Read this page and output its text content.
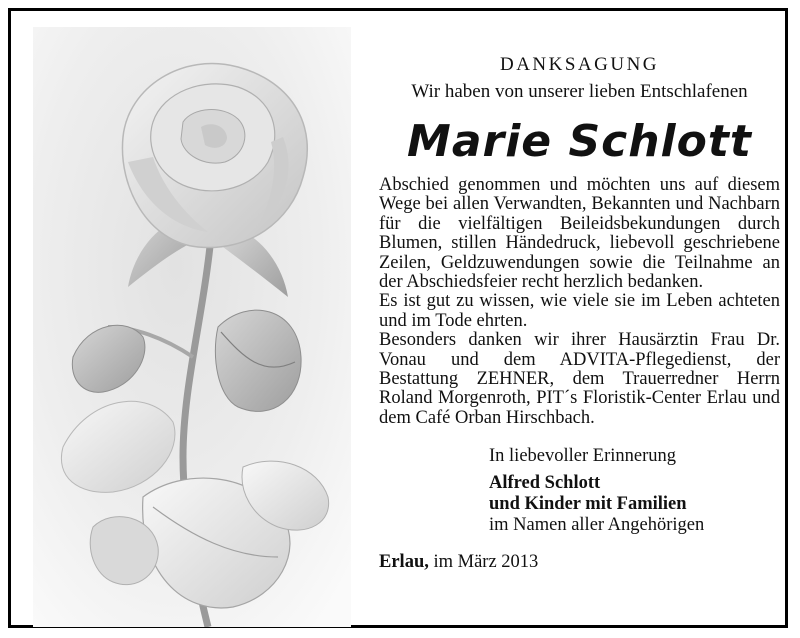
DANKSAGUNG
Wir haben von unserer lieben Entschlafenen
Marie Schlott

Abschied genommen und möchten uns auf diesem Wege bei allen Verwandten, Bekannten und Nachbarn für die vielfältigen Beileidsbekundungen durch Blumen, stillen Händedruck, liebevoll geschriebene Zeilen, Geldzuwendungen sowie die Teilnahme an der Abschiedsfeier recht herzlich bedanken.

Es ist gut zu wissen, wie viele sie im Leben achteten und im Tode ehrten.

Besonders danken wir ihrer Hausärztin Frau Dr. Vonau und dem ADVITA-Pflegedienst, der Bestattung ZEHNER, dem Trauerredner Herrn Roland Morgenroth, PIT´s Floristik-Center Erlau und dem Café Orban Hirschbach.

In liebevoller Erinnerung
Alfred Schlott
und Kinder mit Familien
im Namen aller Angehörigen
Erlau, im März 2013
